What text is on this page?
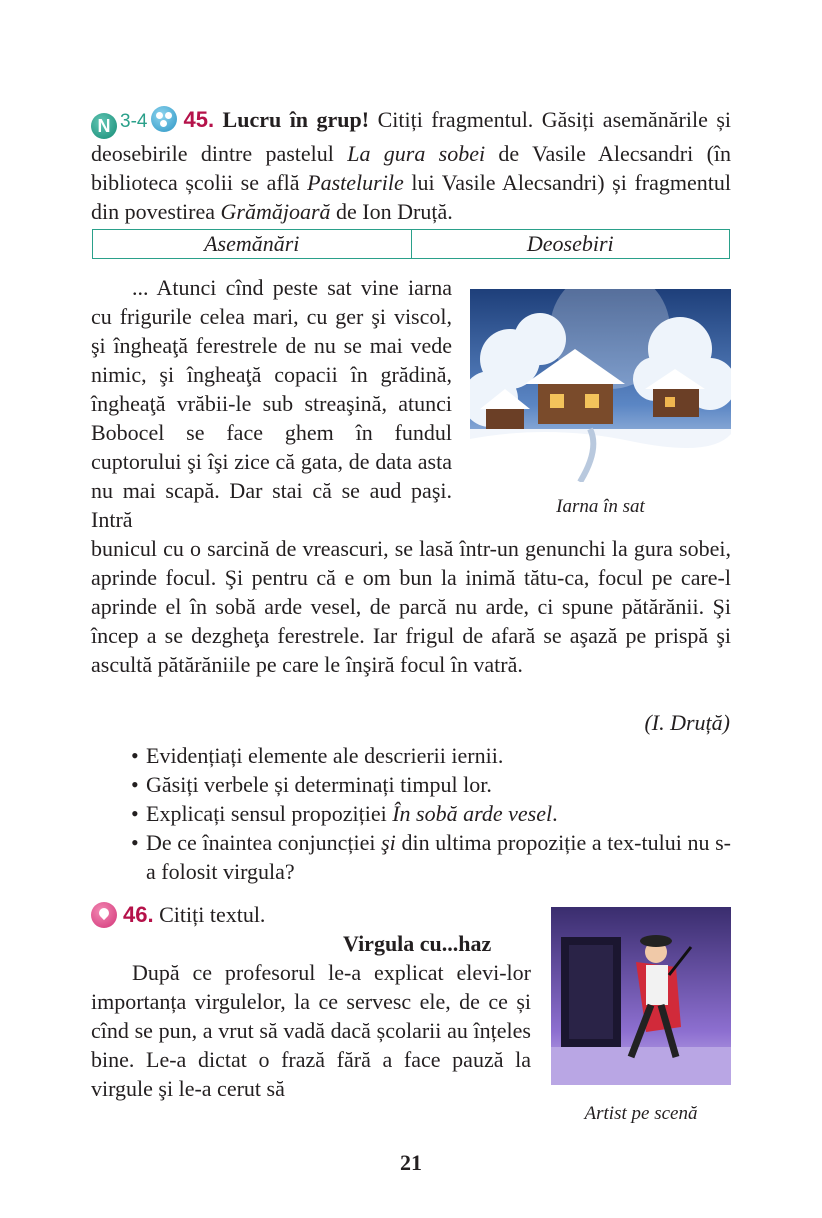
N 3-4 45. Lucru în grup! Citiți fragmentul. Găsiți asemănările și deosebirile dintre pastelul La gura sobei de Vasile Alecsandri (în biblioteca școlii se află Pastelurile lui Vasile Alecsandri) și fragmentul din povestirea Grămăjoară de Ion Druță.

Asemănări	Deosebiri

... Atunci cînd peste sat vine iarna cu frigurile celea mari, cu ger şi viscol, şi îngheaţă ferestrele de nu se mai vede nimic, şi îngheaţă copacii în grădină, îngheaţă vrăbii-le sub streaşină, atunci Bobocel se face ghem în fundul cuptorului şi îşi zice că gata, de data asta nu mai scapă. Dar stai că se aud paşi. Intră

bunicul cu o sarcină de vreascuri, se lasă într-un genunchi la gura sobei, aprinde focul. Şi pentru că e om bun la inimă tătu-ca, focul pe care-l aprinde el în sobă arde vesel, de parcă nu arde, ci spune pătărănii. Şi încep a se dezgheţa ferestrele. Iar frigul de afară se aşază pe prispă şi ascultă pătărăniile pe care le înşiră focul în vatră.

Iarna în sat
(I. Druță)
• Evidențiați elemente ale descrierii iernii.
• Găsiți verbele și determinați timpul lor.
• Explicați sensul propoziției În sobă arde vesel.
• De ce înaintea conjuncției şi din ultima propoziție a tex-tului nu s-a folosit virgula?
46. Citiți textul.
Virgula cu...haz

După ce profesorul le-a explicat elevi-lor importanța virgulelor, la ce servesc ele, de ce și cînd se pun, a vrut să vadă dacă școlarii au înțeles bine. Le-a dictat o frază fără a face pauză la virgule şi le-a cerut să

Artist pe scenă
21
